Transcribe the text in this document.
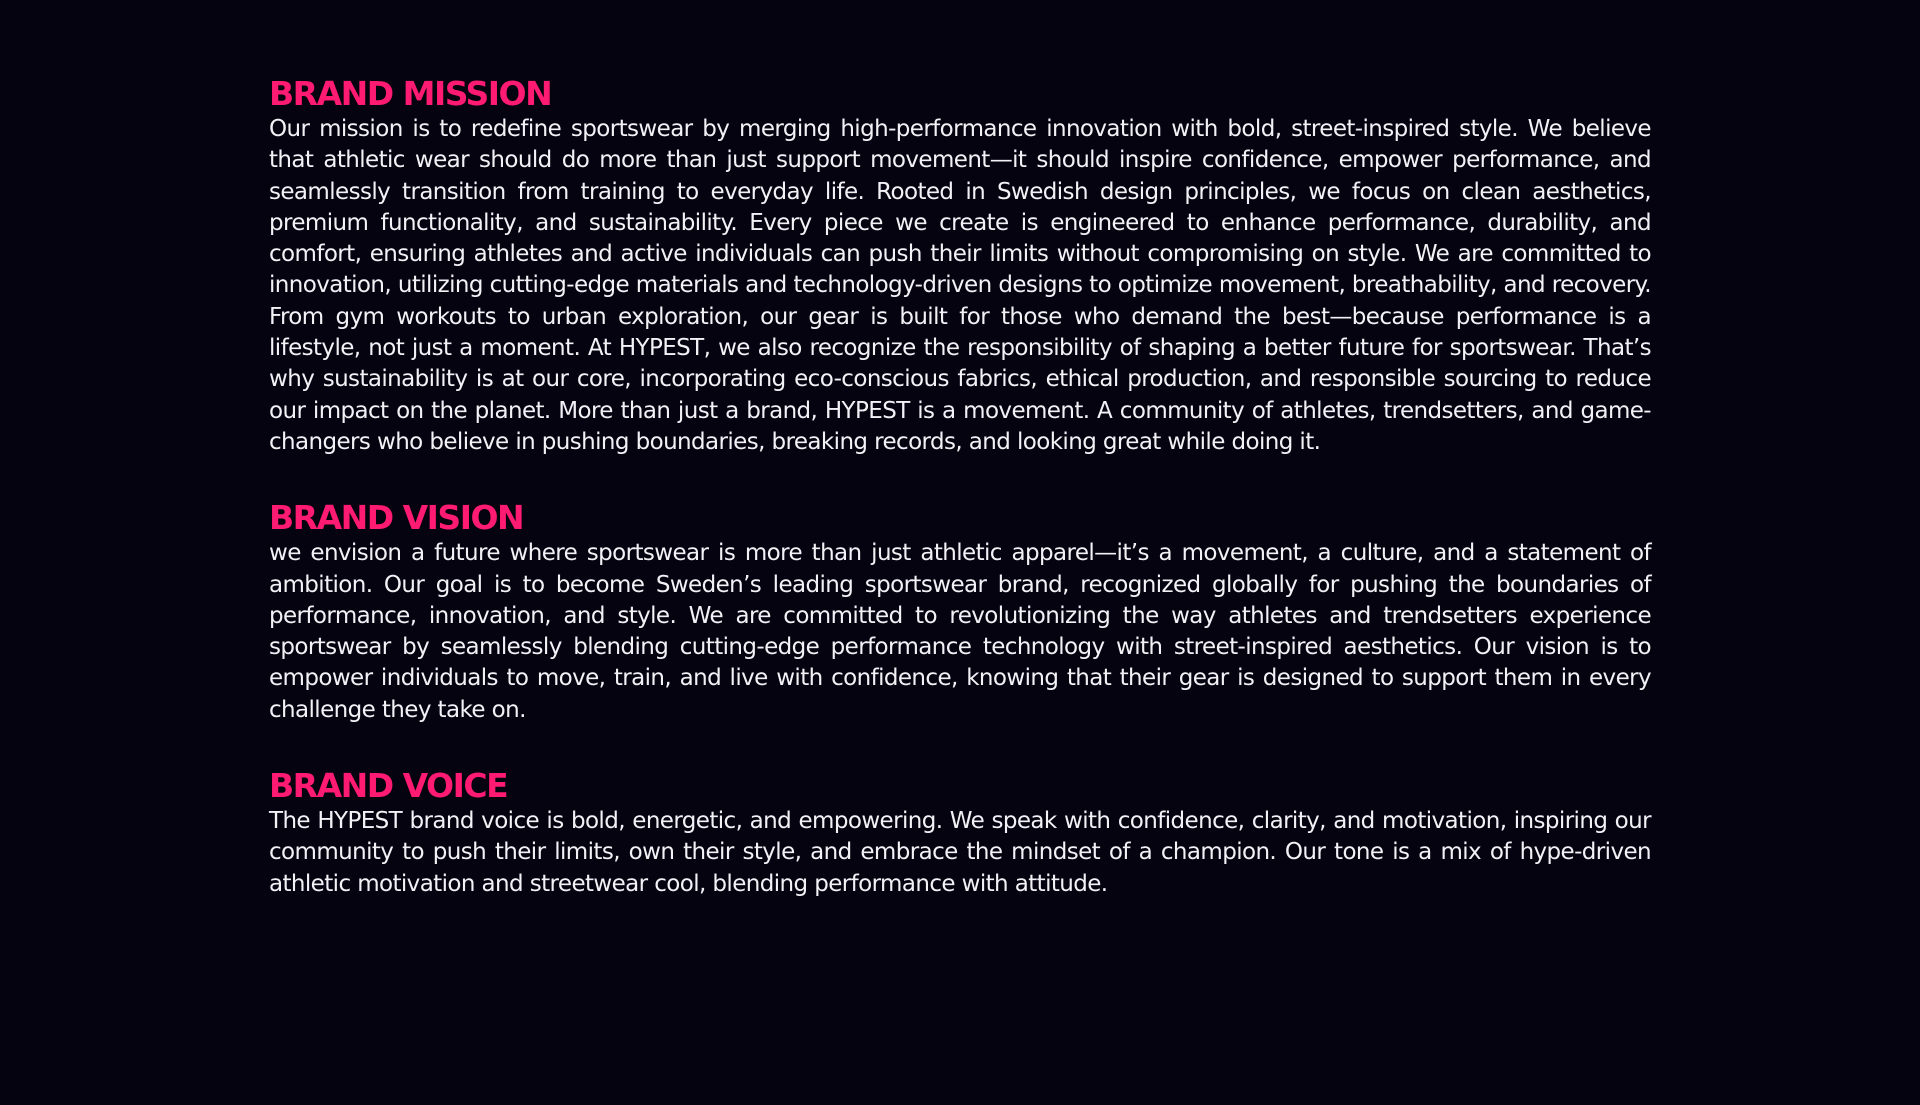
BRAND MISSION

Our mission is to redefine sportswear by merging high-performance innovation with bold, street-inspired style. We believe that athletic wear should do more than just support movement—it should inspire confidence, empower performance, and seamlessly transition from training to everyday life. Rooted in Swedish design principles, we focus on clean aesthetics, premium functionality, and sustainability. Every piece we create is engineered to enhance performance, durability, and comfort, ensuring athletes and active individuals can push their limits without compromising on style. We are committed to innovation, utilizing cutting-edge materials and technology-driven designs to optimize movement, breathability, and recovery. From gym workouts to urban exploration, our gear is built for those who demand the best—because performance is a lifestyle, not just a moment. At HYPEST, we also recognize the responsibility of shaping a better future for sportswear. That’s why sustainability is at our core, incorporating eco-conscious fabrics, ethical production, and responsible sourcing to reduce our impact on the planet. More than just a brand, HYPEST is a movement. A community of athletes, trendsetters, and game-changers who believe in pushing boundaries, breaking records, and looking great while doing it.

BRAND VISION

we envision a future where sportswear is more than just athletic apparel—it’s a movement, a culture, and a statement of ambition. Our goal is to become Sweden’s leading sportswear brand, recognized globally for pushing the boundaries of performance, innovation, and style. We are committed to revolutionizing the way athletes and trendsetters experience sportswear by seamlessly blending cutting-edge performance technology with street-inspired aesthetics. Our vision is to empower individuals to move, train, and live with confidence, knowing that their gear is designed to support them in every challenge they take on.

BRAND VOICE

The HYPEST brand voice is bold, energetic, and empowering. We speak with confidence, clarity, and motivation, inspiring our community to push their limits, own their style, and embrace the mindset of a champion. Our tone is a mix of hype-driven athletic motivation and streetwear cool, blending performance with attitude.
